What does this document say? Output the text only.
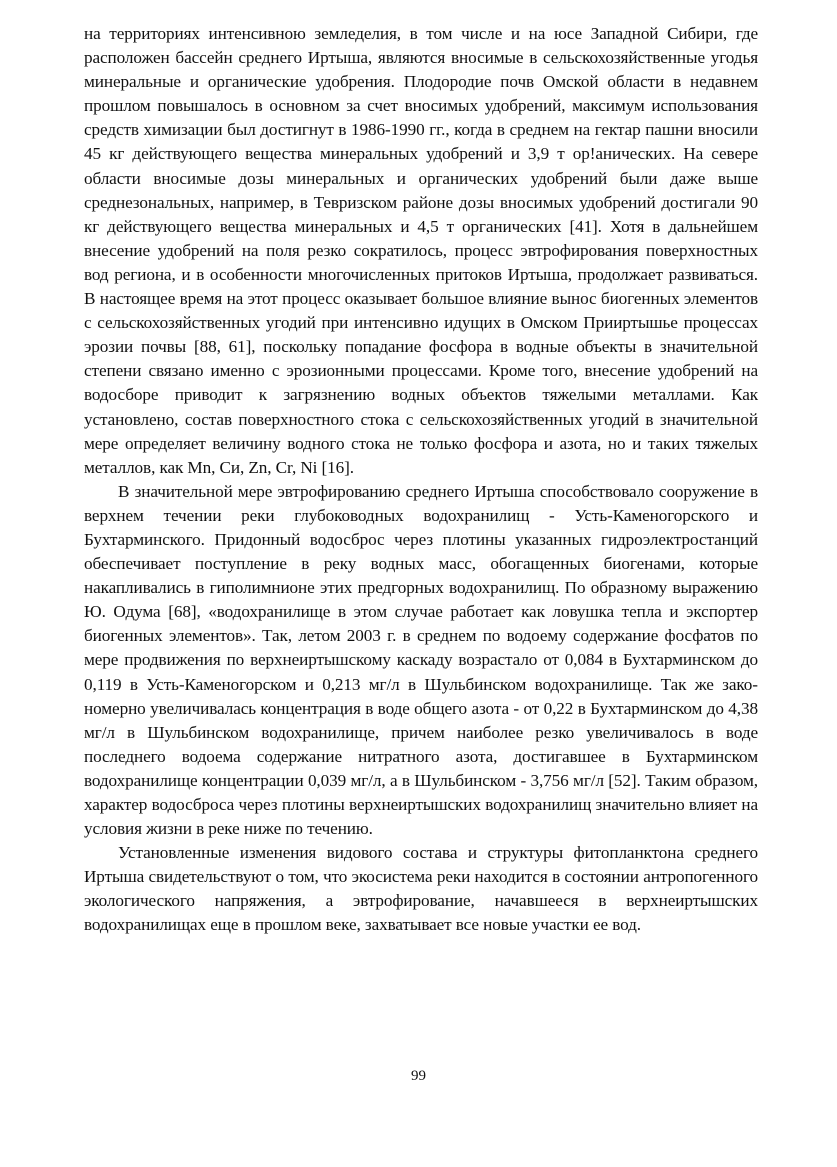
на территориях интенсивною земледелия, в том числе и на юсе Западной Сибири, где расположен бассейн среднего Иртыша, являются вносимые в сельскохозяйственные угодья минеральные и органические удобрения. Плодородие почв Омской области в недавнем прошлом повышалось в основном за счет вносимых удобрений, максимум использования средств химизации был достигнут в 1986-1990 гг., когда в среднем на гектар пашни вносили 45 кг действующего вещества минеральных удобрений и 3,9 т ор!анических. На севере области вносимые дозы минеральных и органических удобрений были даже выше среднезональных, например, в Тевризском районе дозы вносимых удобрений достигали 90 кг действующего вещества минеральных и 4,5 т органических [41]. Хотя в дальнейшем внесение удобрений на поля резко сократилось, процесс эвтрофирования поверхностных вод региона, и в особенности многочисленных притоков Иртыша, продолжает развиваться. В настоящее время на этот процесс оказывает большое влияние вынос биогенных элементов с сельскохозяйственных угодий при интенсивно идущих в Омском Прииртышье процессах эрозии почвы [88, 61], поскольку попадание фосфора в водные объекты в значительной степени связано именно с эрозионными процессами. Кроме того, внесение удобрений на водосборе приводит к загрязнению водных объектов тяжелыми металлами. Как установлено, состав поверхностного стока с сельскохозяйственных угодий в значительной мере определяет величину водного стока не только фосфора и азота, но и таких тяжелых металлов, как Mn, Си, Zn, Сr, Ni [16].

В значительной мере эвтрофированию среднего Иртыша способствовало сооружение в верхнем течении реки глубоководных водохранилищ - Усть-Каменогорского и Бухтарминского. Придонный водосброс через плотины указанных гидроэлектростанций обеспечивает поступление в реку водных масс, обогащенных биогенами, которые накапливались в гиполимнионе этих предгорных водохранилищ. По образному выражению Ю. Одума [68], «водохранилище в этом случае работает как ловушка тепла и экспортер биогенных элементов». Так, летом 2003 г. в среднем по водоему содержание фосфатов по мере продвижения по верхнеиртышскому каскаду возрастало от 0,084 в Бухтарминском до 0,119 в Усть-Каменогорском и 0,213 мг/л в Шульбинском водохранилище. Так же закономерно увеличивалась концентрация в воде общего азота - от 0,22 в Бухтарминском до 4,38 мг/л в Шульбинском водохранилище, причем наиболее резко увеличивалось в воде последнего водоема содержание нитратного азота, достигавшее в Бухтарминском водохранилище концентрации 0,039 мг/л, а в Шульбинском - 3,756 мг/л [52]. Таким образом, характер водосброса через плотины верхнеиртышских водохранилищ значительно влияет на условия жизни в реке ниже по течению.

Установленные изменения видового состава и структуры фитопланктона среднего Иртыша свидетельствуют о том, что экосистема реки находится в состоянии антропогенного экологического напряжения, а эвтрофирование, начавшееся в верхнеиртышских водохранилищах еще в прошлом веке, захватывает все новые участки ее вод.

99
